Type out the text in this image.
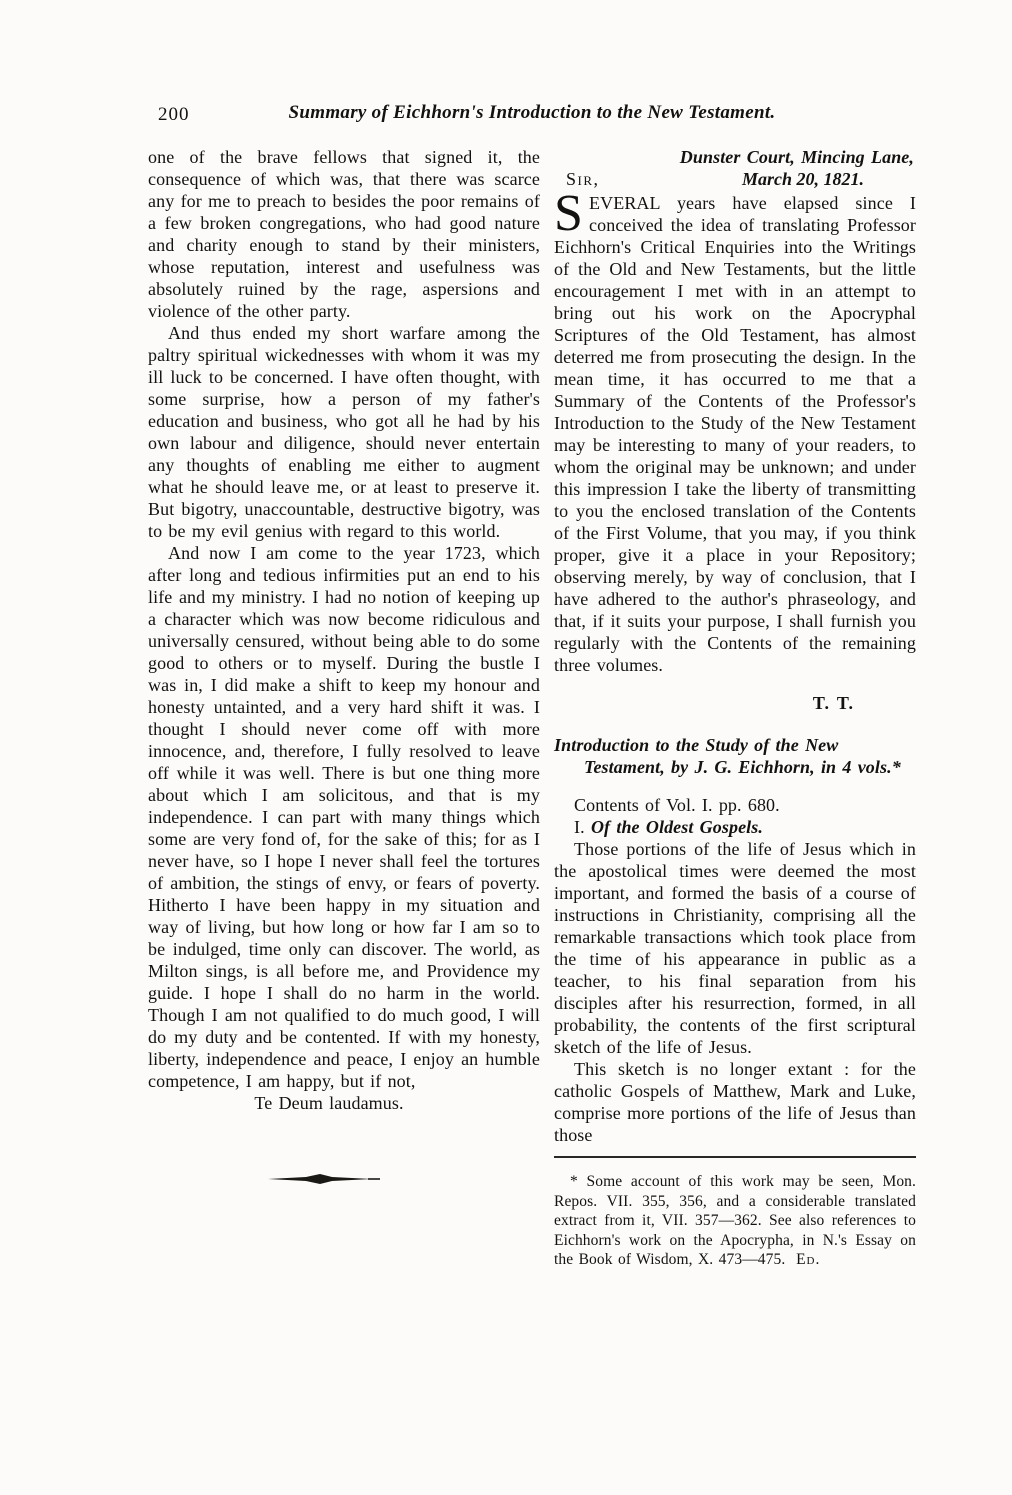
200	Summary of Eichhorn's Introduction to the New Testament.

one of the brave fellows that signed it, the consequence of which was, that there was scarce any for me to preach to besides the poor remains of a few broken congregations, who had good nature and charity enough to stand by their ministers, whose reputation, interest and usefulness was absolutely ruined by the rage, aspersions and violence of the other party.

And thus ended my short warfare among the paltry spiritual wickednesses with whom it was my ill luck to be concerned. I have often thought, with some surprise, how a person of my father's education and business, who got all he had by his own labour and diligence, should never entertain any thoughts of enabling me either to augment what he should leave me, or at least to preserve it. But bigotry, unaccountable, destructive bigotry, was to be my evil genius with regard to this world.

And now I am come to the year 1723, which after long and tedious infirmities put an end to his life and my ministry. I had no notion of keeping up a character which was now become ridiculous and universally censured, without being able to do some good to others or to myself. During the bustle I was in, I did make a shift to keep my honour and honesty untainted, and a very hard shift it was. I thought I should never come off with more innocence, and, therefore, I fully resolved to leave off while it was well. There is but one thing more about which I am solicitous, and that is my independence. I can part with many things which some are very fond of, for the sake of this; for as I never have, so I hope I never shall feel the tortures of ambition, the stings of envy, or fears of poverty. Hitherto I have been happy in my situation and way of living, but how long or how far I am so to be indulged, time only can discover. The world, as Milton sings, is all before me, and Providence my guide. I hope I shall do no harm in the world. Though I am not qualified to do much good, I will do my duty and be contented. If with my honesty, liberty, independence and peace, I enjoy an humble competence, I am happy, but if not,

Te Deum laudamus.

Dunster Court, Mincing Lane,

Sir,	March 20, 1821.

SEVERAL years have elapsed since I conceived the idea of translating Professor Eichhorn's Critical Enquiries into the Writings of the Old and New Testaments, but the little encouragement I met with in an attempt to bring out his work on the Apocryphal Scriptures of the Old Testament, has almost deterred me from prosecuting the design. In the mean time, it has occurred to me that a Summary of the Contents of the Professor's Introduction to the Study of the New Testament may be interesting to many of your readers, to whom the original may be unknown; and under this impression I take the liberty of transmitting to you the enclosed translation of the Contents of the First Volume, that you may, if you think proper, give it a place in your Repository; observing merely, by way of conclusion, that I have adhered to the author's phraseology, and that, if it suits your purpose, I shall furnish you regularly with the Contents of the remaining three volumes.

T. T.

Introduction to the Study of the New Testament, by J. G. Eichhorn, in 4 vols.*

Contents of Vol. I. pp. 680.

I. Of the Oldest Gospels.

Those portions of the life of Jesus which in the apostolical times were deemed the most important, and formed the basis of a course of instructions in Christianity, comprising all the remarkable transactions which took place from the time of his appearance in public as a teacher, to his final separation from his disciples after his resurrection, formed, in all probability, the contents of the first scriptural sketch of the life of Jesus.

This sketch is no longer extant : for the catholic Gospels of Matthew, Mark and Luke, comprise more portions of the life of Jesus than those

* Some account of this work may be seen, Mon. Repos. VII. 355, 356, and a considerable translated extract from it, VII. 357—362. See also references to Eichhorn's work on the Apocrypha, in N.'s Essay on the Book of Wisdom, X. 473—475. Ed.
